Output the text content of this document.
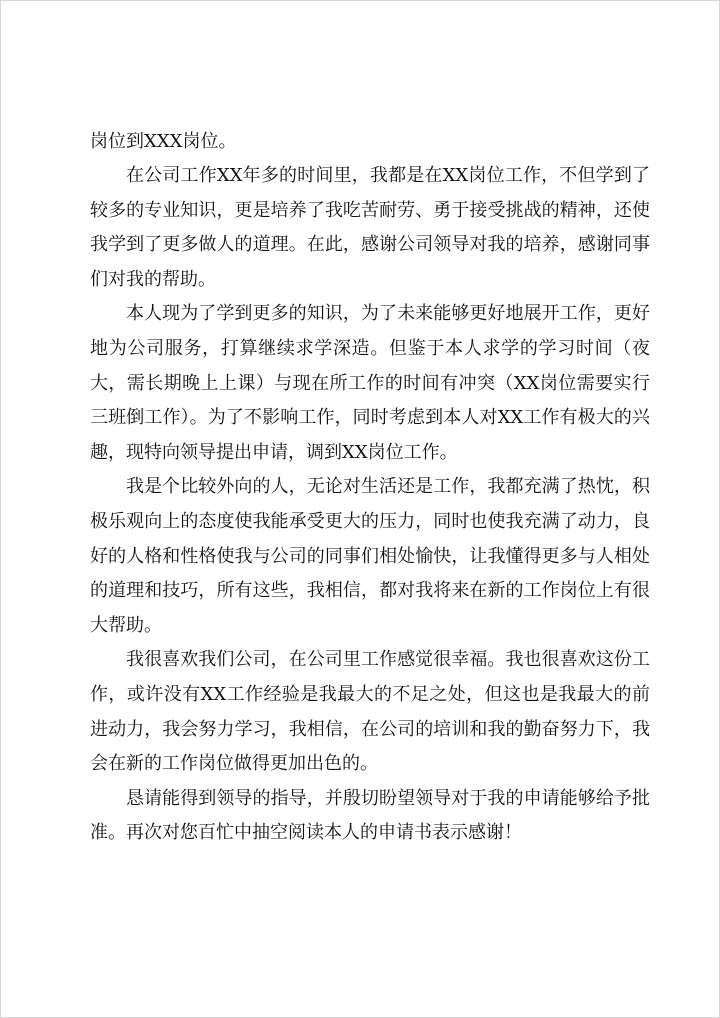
岗位到XXX岗位。

在公司工作XX年多的时间里，我都是在XX岗位工作，不但学到了较多的专业知识，更是培养了我吃苦耐劳、勇于接受挑战的精神，还使我学到了更多做人的道理。在此，感谢公司领导对我的培养，感谢同事们对我的帮助。

本人现为了学到更多的知识，为了未来能够更好地展开工作，更好地为公司服务，打算继续求学深造。但鉴于本人求学的学习时间（夜大，需长期晚上上课）与现在所工作的时间有冲突（XX岗位需要实行三班倒工作）。为了不影响工作，同时考虑到本人对XX工作有极大的兴趣，现特向领导提出申请，调到XX岗位工作。

我是个比较外向的人，无论对生活还是工作，我都充满了热忱，积极乐观向上的态度使我能承受更大的压力，同时也使我充满了动力，良好的人格和性格使我与公司的同事们相处愉快，让我懂得更多与人相处的道理和技巧，所有这些，我相信，都对我将来在新的工作岗位上有很大帮助。

我很喜欢我们公司，在公司里工作感觉很幸福。我也很喜欢这份工作，或许没有XX工作经验是我最大的不足之处，但这也是我最大的前进动力，我会努力学习，我相信，在公司的培训和我的勤奋努力下，我会在新的工作岗位做得更加出色的。

恳请能得到领导的指导，并殷切盼望领导对于我的申请能够给予批准。再次对您百忙中抽空阅读本人的申请书表示感谢！
